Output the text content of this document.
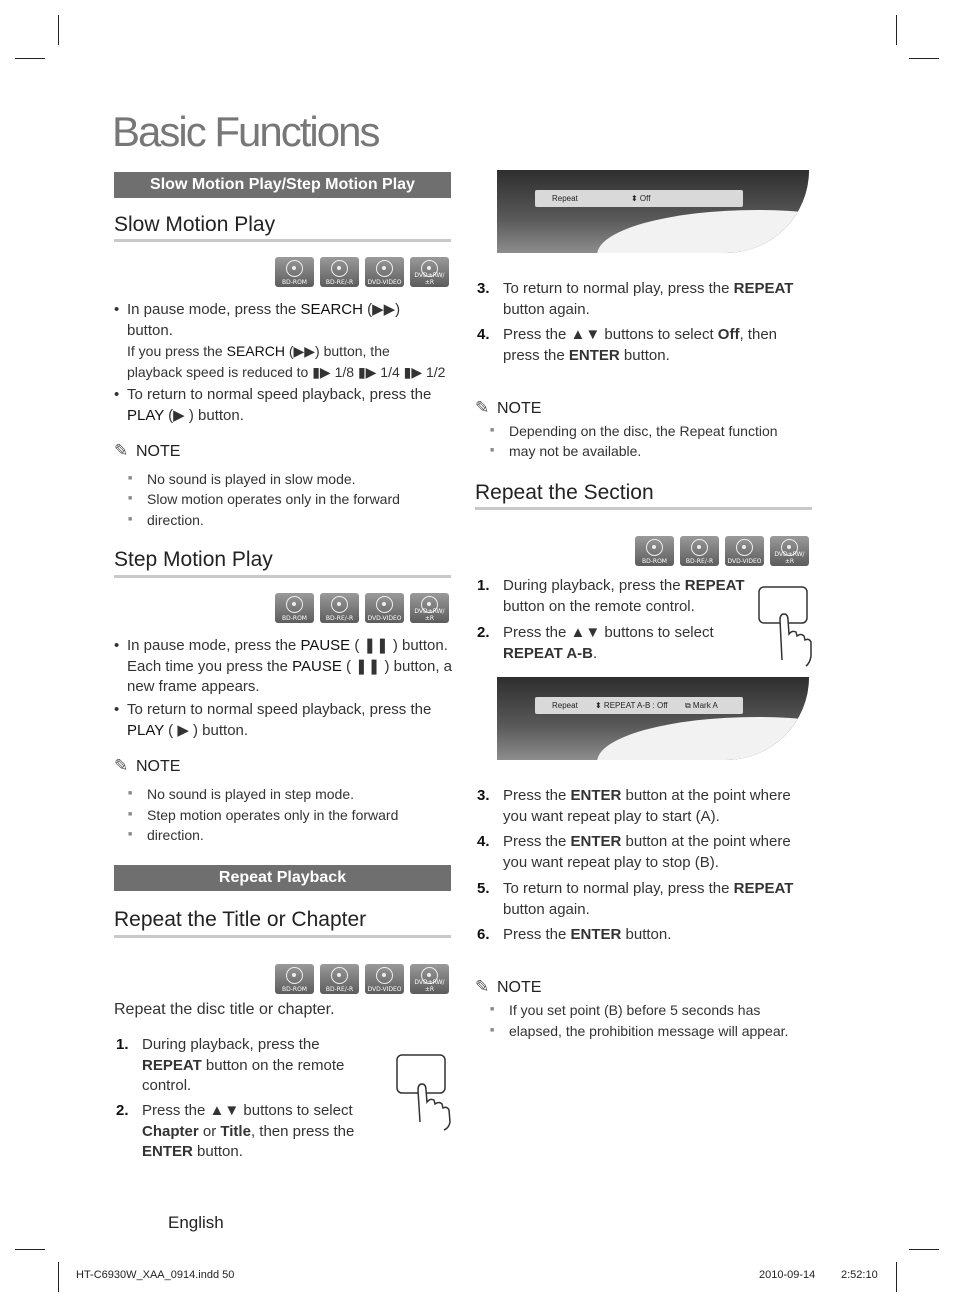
Basic Functions
Slow Motion Play/Step Motion Play
Slow Motion Play
BD-ROM	BD-RE/-R	DVD-VIDEO
DVD±RW/±R
• In pause mode, press the SEARCH (▶▶)
button.
If you press the SEARCH (▶▶) button, the
playback speed is reduced to ▮▶ 1/8 ▮▶ 1/4 ▮▶ 1/2
• To return to normal speed playback, press the
PLAY (▶ ) button.
✎ NOTE
■ No sound is played in slow mode.
■ Slow motion operates only in the forward
■ direction.
Step Motion Play
BD-ROM	BD-RE/-R	DVD-VIDEO
DVD±RW/±R
• In pause mode, press the PAUSE ( ❚❚ ) button.
Each time you press the PAUSE ( ❚❚ ) button, a
new frame appears.
• To return to normal speed playback, press the
PLAY ( ▶ ) button.
✎ NOTE
■ No sound is played in step mode.
■ Step motion operates only in the forward
■ direction.
Repeat Playback
Repeat the Title or Chapter
BD-ROM	BD-RE/-R	DVD-VIDEO
DVD±RW/±R
Repeat the disc title or chapter.
1. During playback, press the
REPEAT button on the remote
control.
2. Press the ▲▼ buttons to select
Chapter or Title, then press the
ENTER button.
Repeat	⬍ Off
3. To return to normal play, press the REPEAT
button again.
4. Press the ▲▼ buttons to select Off, then
press the ENTER button.
✎ NOTE
■ Depending on the disc, the Repeat function
■ may not be available.
Repeat the Section
BD-ROM	BD-RE/-R	DVD-VIDEO
DVD±RW/±R
1. During playback, press the REPEAT
button on the remote control.
2. Press the ▲▼ buttons to select
REPEAT A-B.
Repeat ⬍ REPEAT A-B : Off ⧉ Mark A
3. Press the ENTER button at the point where
you want repeat play to start (A).
4. Press the ENTER button at the point where
you want repeat play to stop (B).
5. To return to normal play, press the REPEAT
button again.
6. Press the ENTER button.
✎ NOTE
■ If you set point (B) before 5 seconds has
■ elapsed, the prohibition message will appear.
English
HT-C6930W_XAA_0914.indd 50	2010-09-14 2:52:10
